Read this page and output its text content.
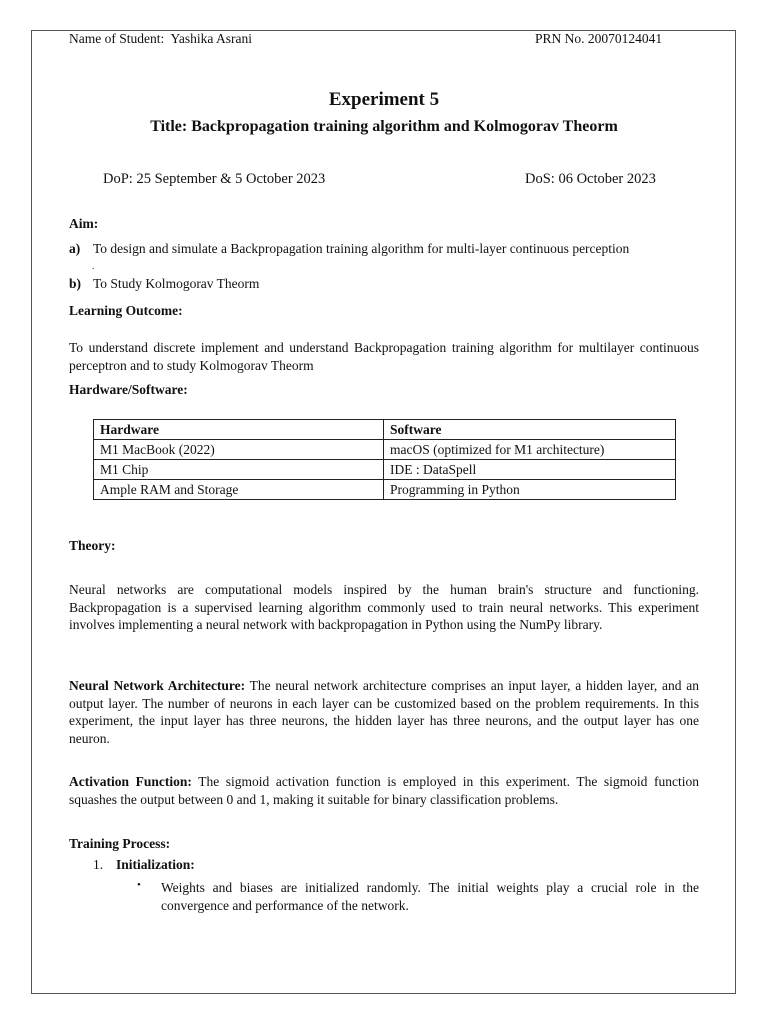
Name of Student: Yashika Asrani	PRN No. 20070124041

Experiment 5
Title: Backpropagation training algorithm and Kolmogorav Theorm

DoP: 25 September & 5 October 2023	DoS: 06 October 2023

Aim:

a) To design and simulate a Backpropagation training algorithm for multi-layer continuous perception

.

b) To Study Kolmogorav Theorm

Learning Outcome:

To understand discrete implement and understand Backpropagation training algorithm for multilayer continuous perceptron and to study Kolmogorav Theorm

Hardware/Software:

Hardware	Software
M1 MacBook (2022)	macOS (optimized for M1 architecture)
M1 Chip	IDE : DataSpell
Ample RAM and Storage	Programming in Python

Theory:

Neural networks are computational models inspired by the human brain's structure and functioning. Backpropagation is a supervised learning algorithm commonly used to train neural networks. This experiment involves implementing a neural network with backpropagation in Python using the NumPy library.

Neural Network Architecture: The neural network architecture comprises an input layer, a hidden layer, and an output layer. The number of neurons in each layer can be customized based on the problem requirements. In this experiment, the input layer has three neurons, the hidden layer has three neurons, and the output layer has one neuron.

Activation Function: The sigmoid activation function is employed in this experiment. The sigmoid function squashes the output between 0 and 1, making it suitable for binary classification problems.

Training Process:

1. Initialization:

• Weights and biases are initialized randomly. The initial weights play a crucial role in the convergence and performance of the network.
